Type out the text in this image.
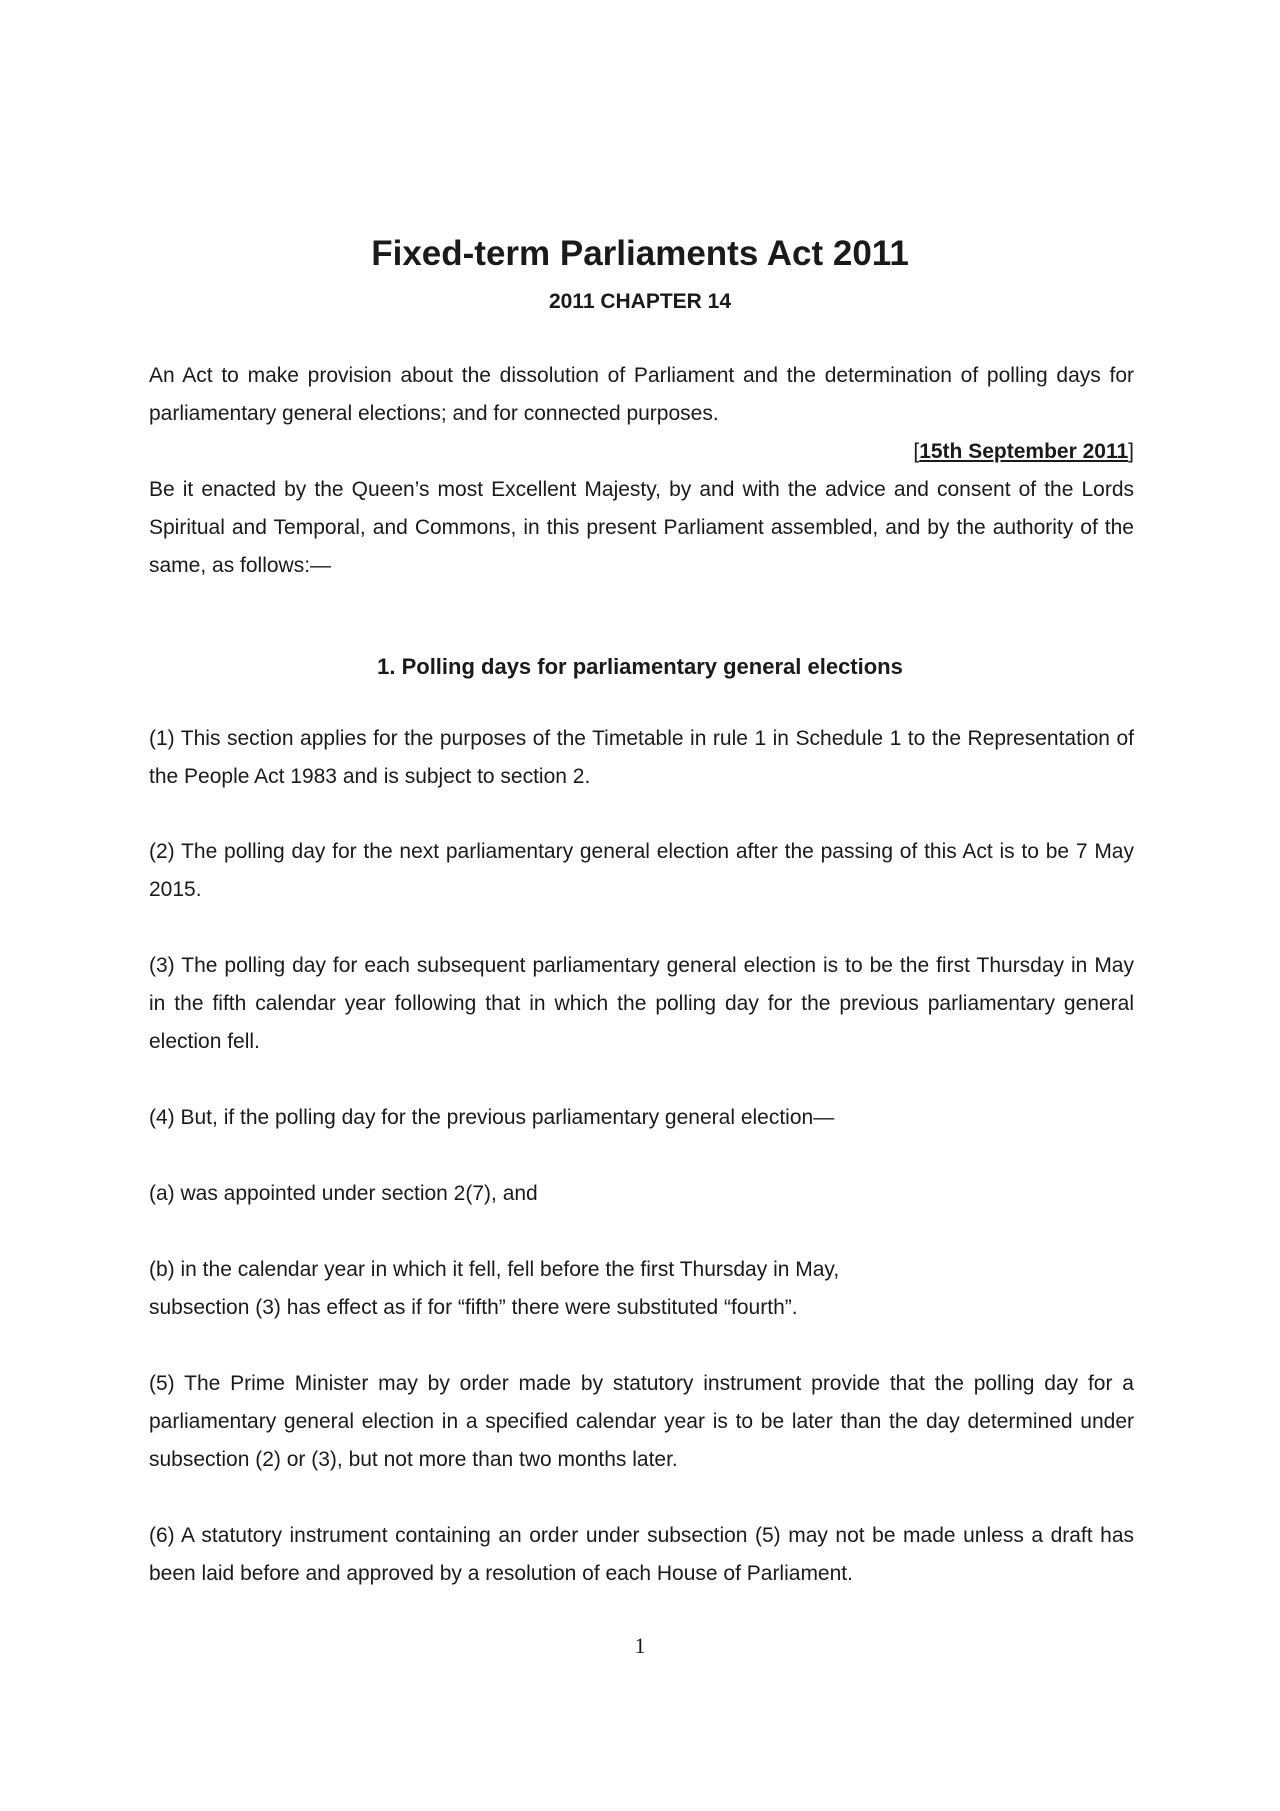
Fixed-term Parliaments Act 2011
2011 CHAPTER 14
An Act to make provision about the dissolution of Parliament and the determination of polling days for parliamentary general elections; and for connected purposes.
[15th September 2011]
Be it enacted by the Queen’s most Excellent Majesty, by and with the advice and consent of the Lords Spiritual and Temporal, and Commons, in this present Parliament assembled, and by the authority of the same, as follows:—
1. Polling days for parliamentary general elections
(1) This section applies for the purposes of the Timetable in rule 1 in Schedule 1 to the Representation of the People Act 1983 and is subject to section 2.
(2) The polling day for the next parliamentary general election after the passing of this Act is to be 7 May 2015.
(3) The polling day for each subsequent parliamentary general election is to be the first Thursday in May in the fifth calendar year following that in which the polling day for the previous parliamentary general election fell.
(4) But, if the polling day for the previous parliamentary general election—
(a) was appointed under section 2(7), and
(b) in the calendar year in which it fell, fell before the first Thursday in May,
subsection (3) has effect as if for “fifth” there were substituted “fourth”.
(5) The Prime Minister may by order made by statutory instrument provide that the polling day for a parliamentary general election in a specified calendar year is to be later than the day determined under subsection (2) or (3), but not more than two months later.
(6) A statutory instrument containing an order under subsection (5) may not be made unless a draft has been laid before and approved by a resolution of each House of Parliament.
1
